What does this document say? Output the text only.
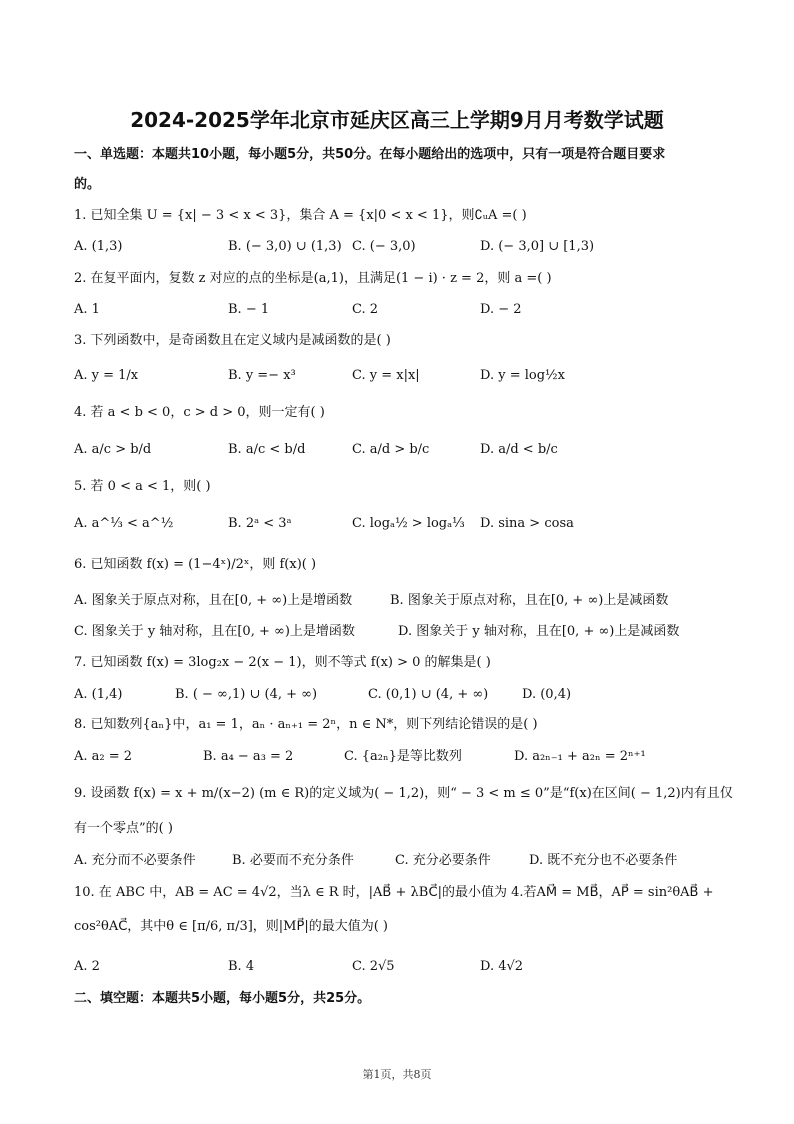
2024-2025学年北京市延庆区高三上学期9月月考数学试题
一、单选题：本题共10小题，每小题5分，共50分。在每小题给出的选项中，只有一项是符合题目要求
的。
1. 已知全集 U = {x| − 3 < x < 3}，集合 A = {x|0 < x < 1}，则∁ᵤA =( )
A. (1,3)	B. (− 3,0) ∪ (1,3) C. (− 3,0)	D. (− 3,0] ∪ [1,3)
2. 在复平面内，复数 z 对应的点的坐标是(a,1)，且满足(1 − i) · z = 2，则 a =( )
A. 1	B. − 1	C. 2	D. − 2
3. 下列函数中，是奇函数且在定义域内是减函数的是( )
A. y = 1/x	B. y =− x³	C. y = x|x|	D. y = log½x
4. 若 a < b < 0，c > d > 0，则一定有( )
A. a/c > b/d	B. a/c < b/d	C. a/d > b/c	D. a/d < b/c
5. 若 0 < a < 1，则( )
A. a^⅓ < a^½	B. 2ᵃ < 3ᵃ	C. logₐ½ > logₐ⅓ D. sina > cosa
6. 已知函数 f(x) = (1−4ˣ)/2ˣ，则 f(x)( )
A. 图象关于原点对称，且在[0, + ∞)上是增函数	B. 图象关于原点对称，且在[0, + ∞)上是减函数
C. 图象关于 y 轴对称，且在[0, + ∞)上是增函数	D. 图象关于 y 轴对称，且在[0, + ∞)上是减函数
7. 已知函数 f(x) = 3log₂x − 2(x − 1)，则不等式 f(x) > 0 的解集是( )
A. (1,4)	B. ( − ∞,1) ∪ (4, + ∞)	C. (0,1) ∪ (4, + ∞)	D. (0,4)
8. 已知数列{aₙ}中，a₁ = 1，aₙ · aₙ₊₁ = 2ⁿ，n ∈ N*，则下列结论错误的是( )
A. a₂ = 2	B. a₄ − a₃ = 2	C. {a₂ₙ}是等比数列	D. a₂ₙ₋₁ + a₂ₙ = 2ⁿ⁺¹
9. 设函数 f(x) = x + m/(x−2) (m ∈ R)的定义域为( − 1,2)，则“ − 3 < m ≤ 0”是“f(x)在区间( − 1,2)内有且仅
有一个零点”的( )
A. 充分而不必要条件	B. 必要而不充分条件	C. 充分必要条件	D. 既不充分也不必要条件
10. 在 ABC 中，AB = AC = 4√2，当λ ∈ R 时，|AB⃗ + λBC⃗|的最小值为 4.若AM⃗ = MB⃗，AP⃗ = sin²θAB⃗ +
cos²θAC⃗，其中θ ∈ [π/6, π/3]，则|MP⃗|的最大值为( )
A. 2	B. 4	C. 2√5	D. 4√2
二、填空题：本题共5小题，每小题5分，共25分。
第1页，共8页
